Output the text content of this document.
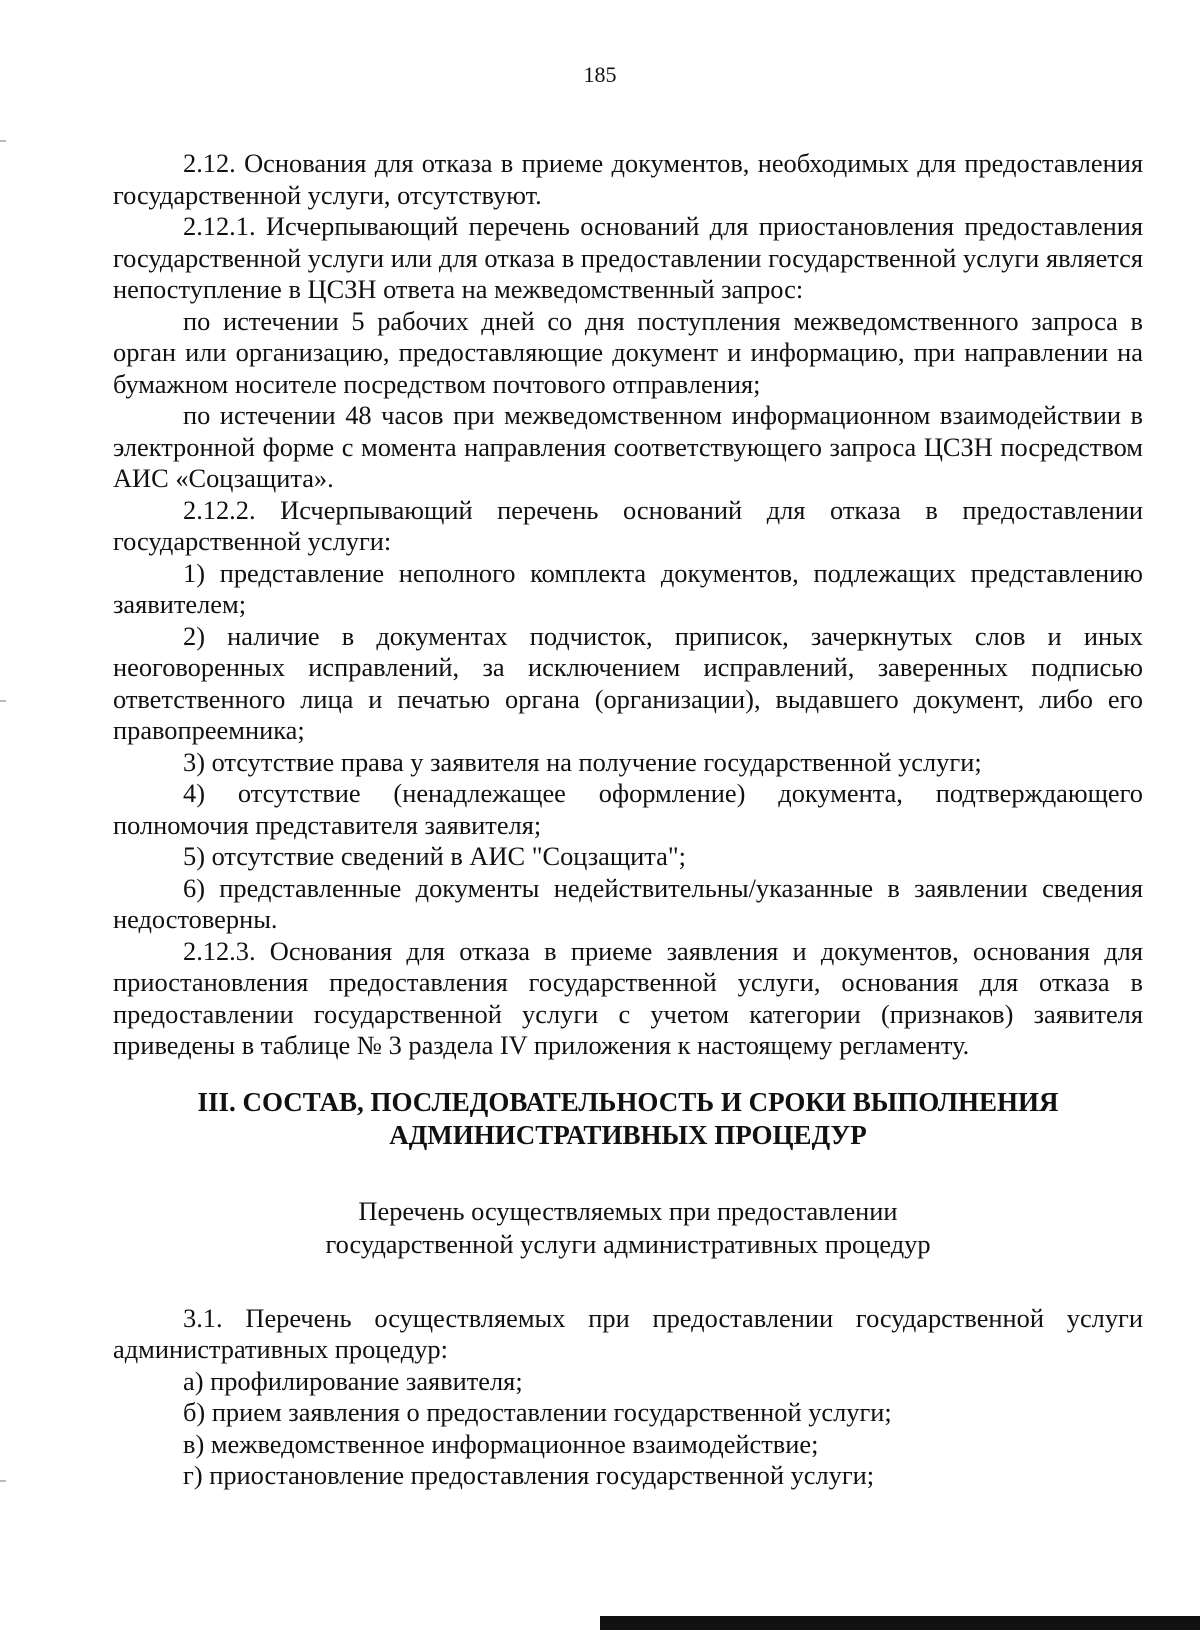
185

2.12. Основания для отказа в приеме документов, необходимых для предоставления государственной услуги, отсутствуют.

2.12.1. Исчерпывающий перечень оснований для приостановления предоставления государственной услуги или для отказа в предоставлении государственной услуги является непоступление в ЦСЗН ответа на межведомственный запрос:

по истечении 5 рабочих дней со дня поступления межведомственного запроса в орган или организацию, предоставляющие документ и информацию, при направлении на бумажном носителе посредством почтового отправления;

по истечении 48 часов при межведомственном информационном взаимодействии в электронной форме с момента направления соответствующего запроса ЦСЗН посредством АИС «Соцзащита».

2.12.2. Исчерпывающий перечень оснований для отказа в предоставлении государственной услуги:

1) представление неполного комплекта документов, подлежащих представлению заявителем;

2) наличие в документах подчисток, приписок, зачеркнутых слов и иных неоговоренных исправлений, за исключением исправлений, заверенных подписью ответственного лица и печатью органа (организации), выдавшего документ, либо его правопреемника;

3) отсутствие права у заявителя на получение государственной услуги;

4) отсутствие (ненадлежащее оформление) документа, подтверждающего полномочия представителя заявителя;

5) отсутствие сведений в АИС "Соцзащита";

6) представленные документы недействительны/указанные в заявлении сведения недостоверны.

2.12.3. Основания для отказа в приеме заявления и документов, основания для приостановления предоставления государственной услуги, основания для отказа в предоставлении государственной услуги с учетом категории (признаков) заявителя приведены в таблице № 3 раздела IV приложения к настоящему регламенту.

III. СОСТАВ, ПОСЛЕДОВАТЕЛЬНОСТЬ И СРОКИ ВЫПОЛНЕНИЯ
АДМИНИСТРАТИВНЫХ ПРОЦЕДУР
Перечень осуществляемых при предоставлении
государственной услуги административных процедур

3.1. Перечень осуществляемых при предоставлении государственной услуги административных процедур:

а) профилирование заявителя;

б) прием заявления о предоставлении государственной услуги;

в) межведомственное информационное взаимодействие;

г) приостановление предоставления государственной услуги;
